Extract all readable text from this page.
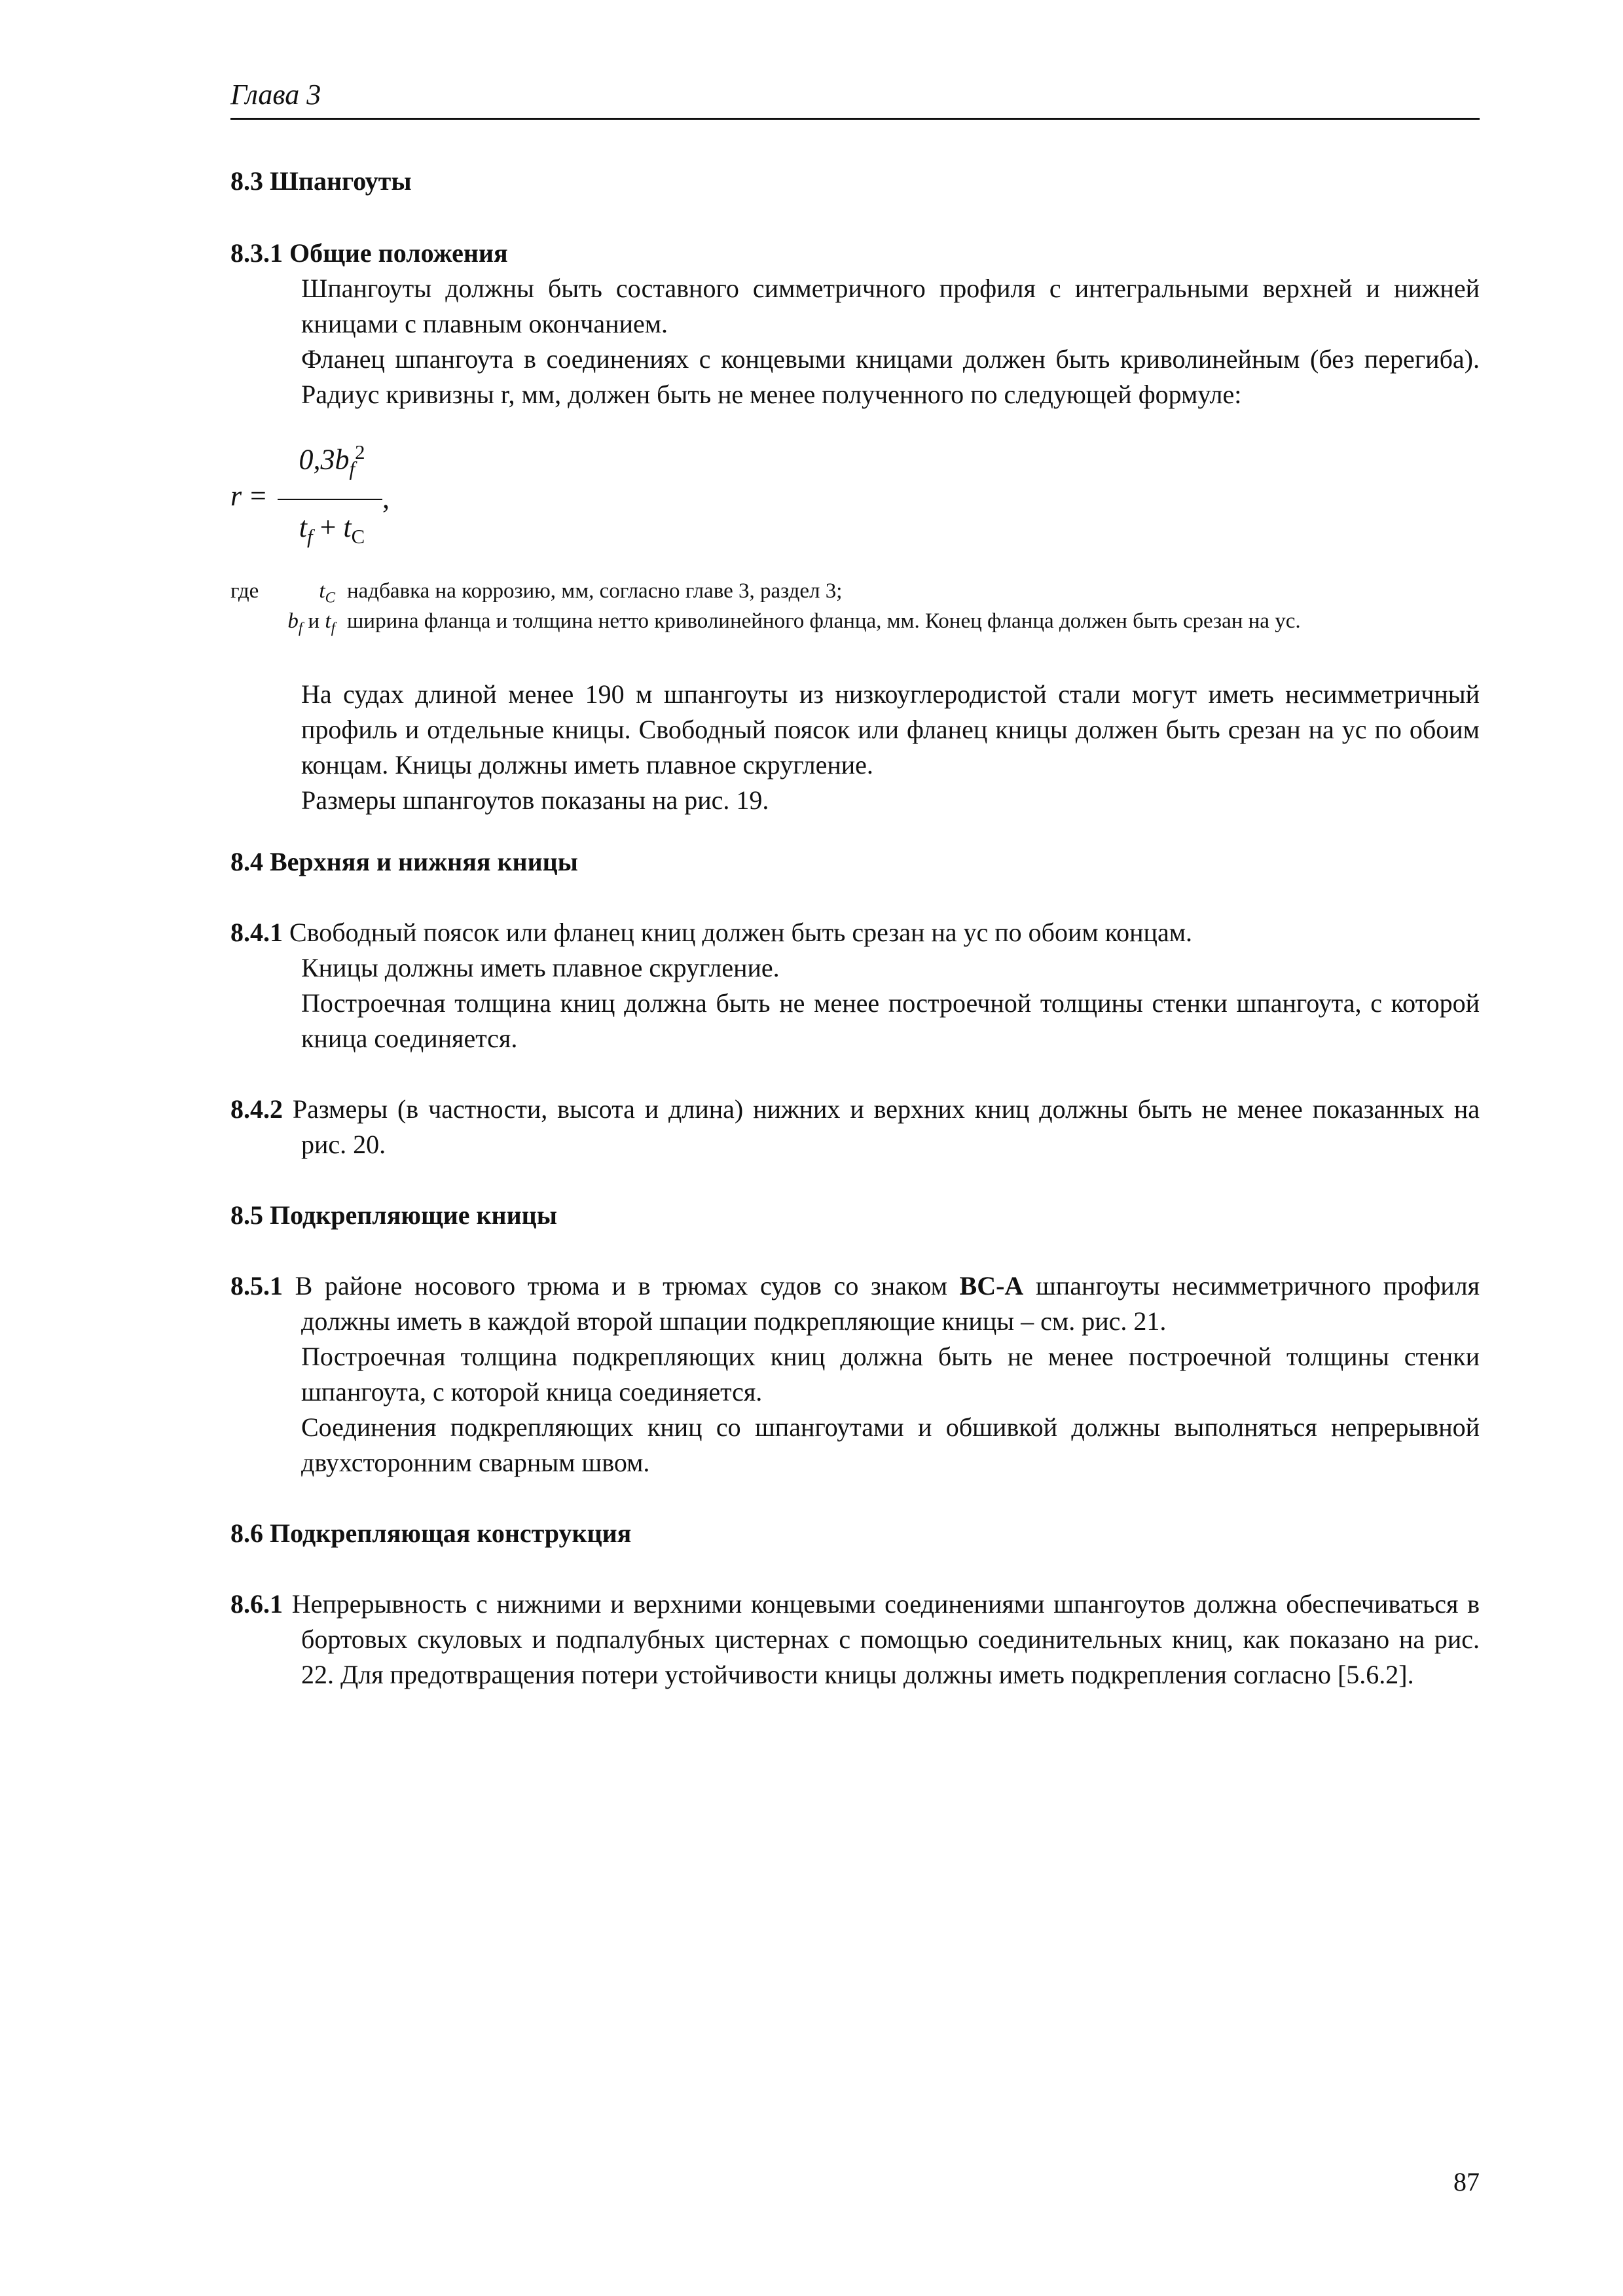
Глава 3
8.3 Шпангоуты
8.3.1 Общие положения

Шпангоуты должны быть составного симметричного профиля с интегральными верхней и нижней кницами с плавным окончанием.

Фланец шпангоута в соединениях с концевыми кницами должен быть криволинейным (без перегиба). Радиус кривизны r, мм, должен быть не менее полученного по следующей формуле:

r =
$0,3b_f^2$
$t_f + t_C$
,
где	$t_C$ надбавка на коррозию, мм, согласно главе 3, раздел 3;
$b_f$ и $t_f$ ширина фланца и толщина нетто криволинейного фланца, мм. Конец фланца должен быть срезан на ус.

На судах длиной менее 190 м шпангоуты из низкоуглеродистой стали могут иметь несимметричный профиль и отдельные кницы. Свободный поясок или фланец кницы должен быть срезан на ус по обоим концам. Кницы должны иметь плавное скругление.

Размеры шпангоутов показаны на рис. 19.

8.4 Верхняя и нижняя кницы

8.4.1 Свободный поясок или фланец книц должен быть срезан на ус по обоим концам.

Кницы должны иметь плавное скругление.

Построечная толщина книц должна быть не менее построечной толщины стенки шпангоута, с которой кница соединяется.

8.4.2 Размеры (в частности, высота и длина) нижних и верхних книц должны быть не менее показанных на рис. 20.

8.5 Подкрепляющие кницы

8.5.1 В районе носового трюма и в трюмах судов со знаком BC-A шпангоуты несимметричного профиля должны иметь в каждой второй шпации подкрепляющие кницы – см. рис. 21.

Построечная толщина подкрепляющих книц должна быть не менее построечной толщины стенки шпангоута, с которой кница соединяется.

Соединения подкрепляющих книц со шпангоутами и обшивкой должны выполняться непрерывной двухсторонним сварным швом.

8.6 Подкрепляющая конструкция

8.6.1 Непрерывность с нижними и верхними концевыми соединениями шпангоутов должна обеспечиваться в бортовых скуловых и подпалубных цистернах с помощью соединительных книц, как показано на рис. 22. Для предотвращения потери устойчивости кницы должны иметь подкрепления согласно [5.6.2].

87
